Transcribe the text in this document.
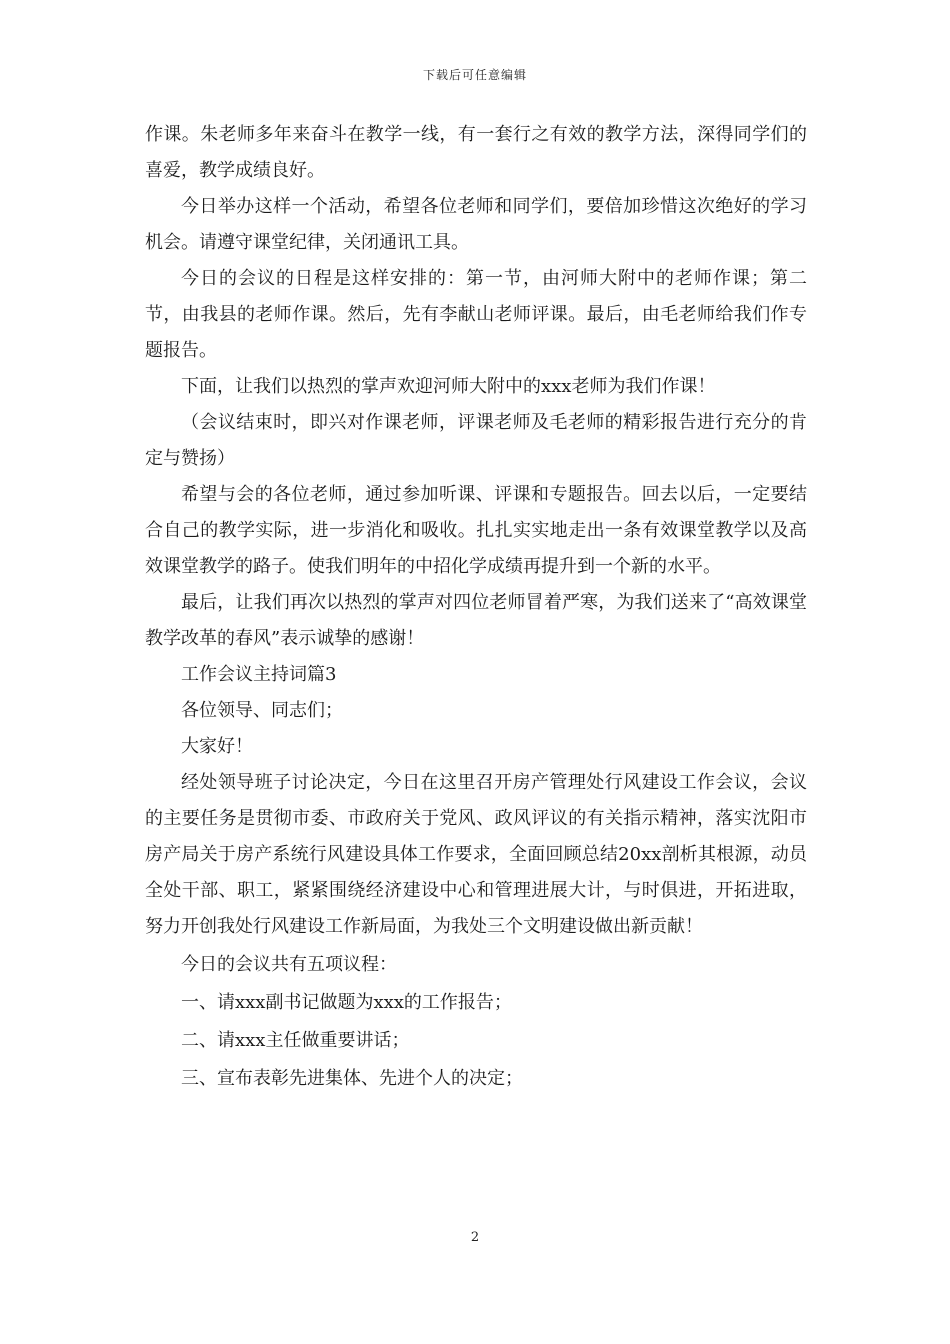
下载后可任意编辑

作课。朱老师多年来奋斗在教学一线，有一套行之有效的教学方法，深得同学们的喜爱，教学成绩良好。

今日举办这样一个活动，希望各位老师和同学们，要倍加珍惜这次绝好的学习机会。请遵守课堂纪律，关闭通讯工具。

今日的会议的日程是这样安排的：第一节，由河师大附中的老师作课；第二节，由我县的老师作课。然后，先有李献山老师评课。最后，由毛老师给我们作专题报告。

下面，让我们以热烈的掌声欢迎河师大附中的xxx老师为我们作课！

（会议结束时，即兴对作课老师，评课老师及毛老师的精彩报告进行充分的肯定与赞扬）

希望与会的各位老师，通过参加听课、评课和专题报告。回去以后，一定要结合自己的教学实际，进一步消化和吸收。扎扎实实地走出一条有效课堂教学以及高效课堂教学的路子。使我们明年的中招化学成绩再提升到一个新的水平。

最后，让我们再次以热烈的掌声对四位老师冒着严寒，为我们送来了“高效课堂教学改革的春风”表示诚挚的感谢！

工作会议主持词篇3

各位领导、同志们；

大家好！

经处领导班子讨论决定，今日在这里召开房产管理处行风建设工作会议，会议的主要任务是贯彻市委、市政府关于党风、政风评议的有关指示精神，落实沈阳市房产局关于房产系统行风建设具体工作要求，全面回顾总结20xx剖析其根源，动员全处干部、职工，紧紧围绕经济建设中心和管理进展大计，与时俱进，开拓进取，努力开创我处行风建设工作新局面，为我处三个文明建设做出新贡献！

今日的会议共有五项议程：

一、请xxx副书记做题为xxx的工作报告；

二、请xxx主任做重要讲话；

三、宣布表彰先进集体、先进个人的决定；

2
